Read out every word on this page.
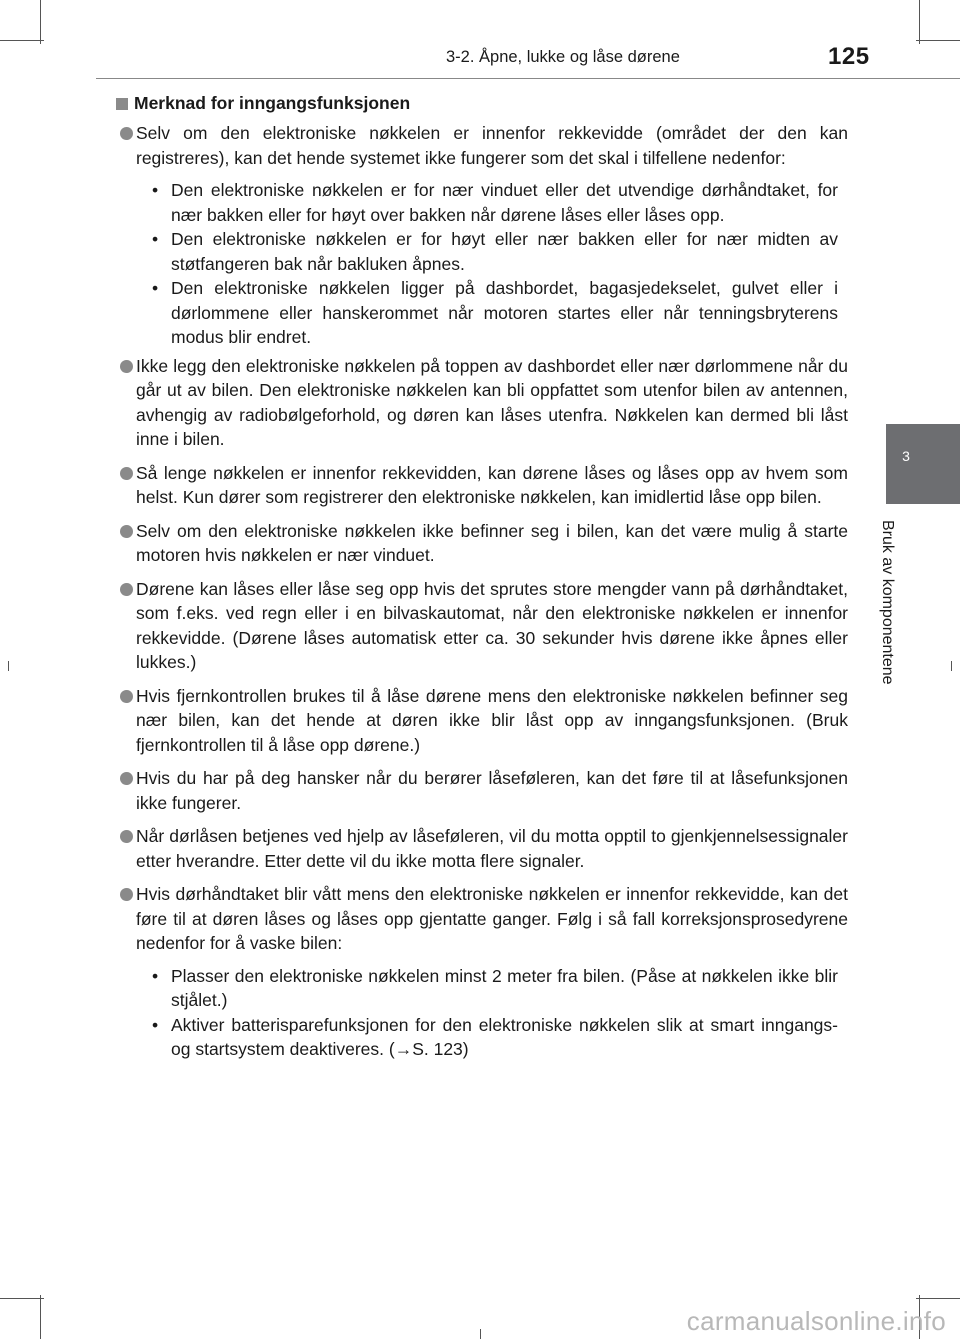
3-2. Åpne, lukke og låse dørene	125
3
Bruk av komponentene
Merknad for inngangsfunksjonen
Selv om den elektroniske nøkkelen er innenfor rekkevidde (området der den kan registreres), kan det hende systemet ikke fungerer som det skal i tilfellene nedenfor:
• Den elektroniske nøkkelen er for nær vinduet eller det utvendige dørhåndtaket, for nær bakken eller for høyt over bakken når dørene låses eller låses opp.
• Den elektroniske nøkkelen er for høyt eller nær bakken eller for nær midten av støtfangeren bak når bakluken åpnes.
• Den elektroniske nøkkelen ligger på dashbordet, bagasjedekselet, gulvet eller i dørlommene eller hanskerommet når motoren startes eller når tenningsbryterens modus blir endret.
Ikke legg den elektroniske nøkkelen på toppen av dashbordet eller nær dørlommene når du går ut av bilen. Den elektroniske nøkkelen kan bli oppfattet som utenfor bilen av antennen, avhengig av radiobølgeforhold, og døren kan låses utenfra. Nøkkelen kan dermed bli låst inne i bilen.
Så lenge nøkkelen er innenfor rekkevidden, kan dørene låses og låses opp av hvem som helst. Kun dører som registrerer den elektroniske nøkkelen, kan imidlertid låse opp bilen.
Selv om den elektroniske nøkkelen ikke befinner seg i bilen, kan det være mulig å starte motoren hvis nøkkelen er nær vinduet.
Dørene kan låses eller låse seg opp hvis det sprutes store mengder vann på dørhåndtaket, som f.eks. ved regn eller i en bilvaskautomat, når den elektroniske nøkkelen er innenfor rekkevidde. (Dørene låses automatisk etter ca. 30 sekunder hvis dørene ikke åpnes eller lukkes.)
Hvis fjernkontrollen brukes til å låse dørene mens den elektroniske nøkkelen befinner seg nær bilen, kan det hende at døren ikke blir låst opp av inngangsfunksjonen. (Bruk fjernkontrollen til å låse opp dørene.)
Hvis du har på deg hansker når du berører låseføleren, kan det føre til at låsefunksjonen ikke fungerer.
Når dørlåsen betjenes ved hjelp av låseføleren, vil du motta opptil to gjenkjennelsessignaler etter hverandre. Etter dette vil du ikke motta flere signaler.
Hvis dørhåndtaket blir vått mens den elektroniske nøkkelen er innenfor rekkevidde, kan det føre til at døren låses og låses opp gjentatte ganger. Følg i så fall korreksjonsprosedyrene nedenfor for å vaske bilen:
• Plasser den elektroniske nøkkelen minst 2 meter fra bilen. (Påse at nøkkelen ikke blir stjålet.)
• Aktiver batterisparefunksjonen for den elektroniske nøkkelen slik at smart inngangs- og startsystem deaktiveres. (→S. 123)
carmanualsonline.info
